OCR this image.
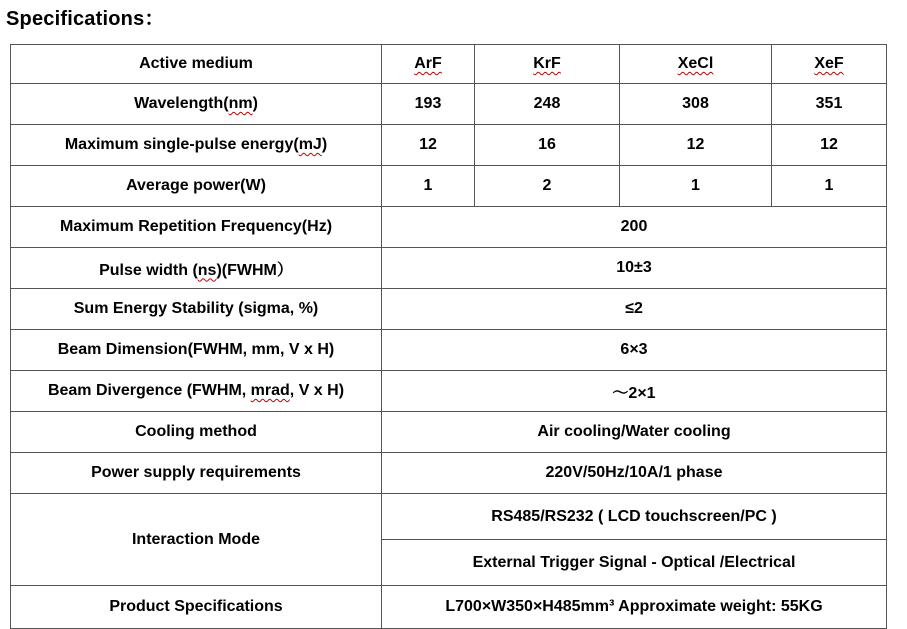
Specifications：
Active medium	ArF	KrF	XeCl	XeF
Wavelength(nm)	193	248	308	351
Maximum single-pulse energy(mJ)	12	16	12	12
Average power(W)	1	2	1	1
Maximum Repetition Frequency(Hz)	200			
Pulse width (ns)(FWHM）	10±3			
Sum Energy Stability (sigma, %)	≤2			
Beam Dimension(FWHM, mm, V x H)	6×3			
Beam Divergence (FWHM, mrad, V x H)	～2×1			
Cooling method	Air cooling/Water cooling			
Power supply requirements	220V/50Hz/10A/1 phase			
Interaction Mode	RS485/RS232 ( LCD touchscreen/PC )			
	External Trigger Signal - Optical /Electrical			
Product Specifications	L700×W350×H485mm³ Approximate weight: 55KG			
